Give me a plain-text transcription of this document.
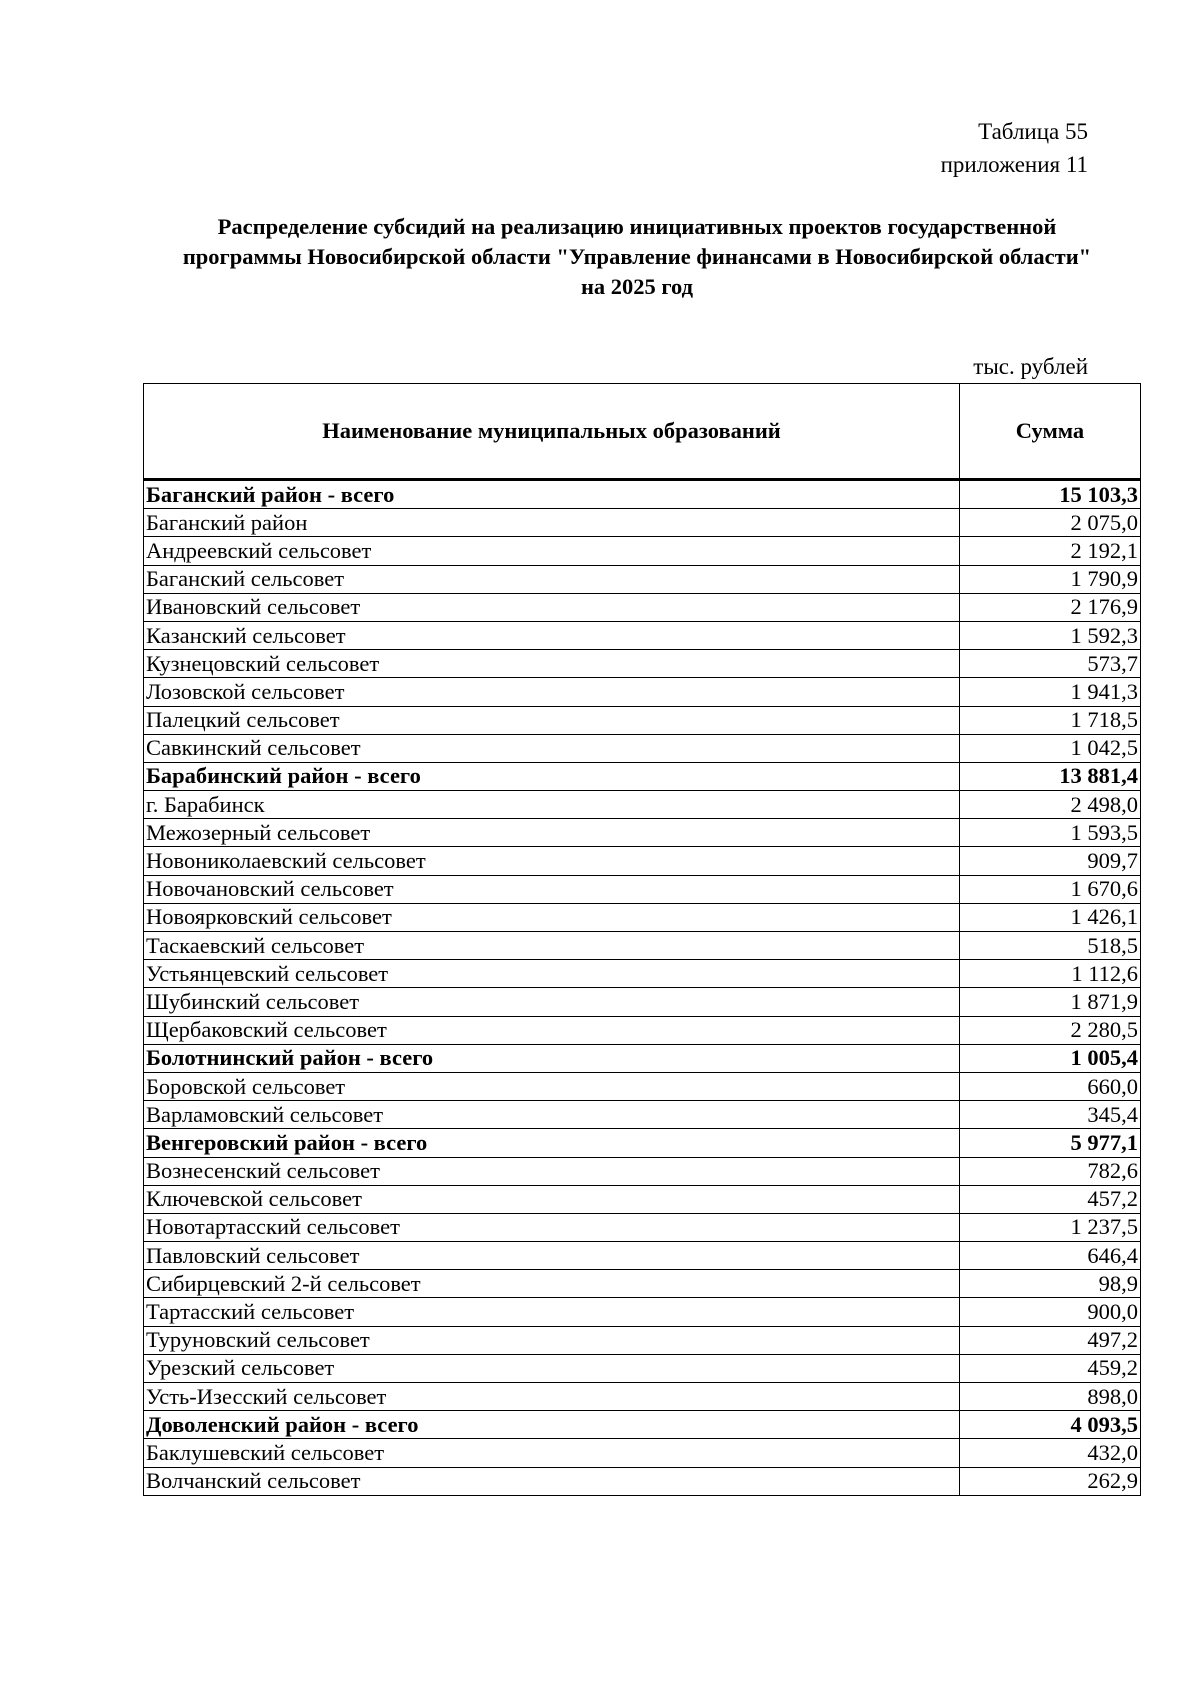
Таблица 55
приложения 11
Распределение субсидий на реализацию инициативных проектов государственной
программы Новосибирской области "Управление финансами в Новосибирской области"
на 2025 год
тыс. рублей
Наименование муниципальных образований	Сумма
Баганский район - всего	15 103,3
Баганский район	2 075,0
Андреевский сельсовет	2 192,1
Баганский сельсовет	1 790,9
Ивановский сельсовет	2 176,9
Казанский сельсовет	1 592,3
Кузнецовский сельсовет	573,7
Лозовской сельсовет	1 941,3
Палецкий сельсовет	1 718,5
Савкинский сельсовет	1 042,5
Барабинский район - всего	13 881,4
г. Барабинск	2 498,0
Межозерный сельсовет	1 593,5
Новониколаевский сельсовет	909,7
Новочановский сельсовет	1 670,6
Новоярковский сельсовет	1 426,1
Таскаевский сельсовет	518,5
Устьянцевский сельсовет	1 112,6
Шубинский сельсовет	1 871,9
Щербаковский сельсовет	2 280,5
Болотнинский район - всего	1 005,4
Боровской сельсовет	660,0
Варламовский сельсовет	345,4
Венгеровский район - всего	5 977,1
Вознесенский сельсовет	782,6
Ключевской сельсовет	457,2
Новотартасский сельсовет	1 237,5
Павловский сельсовет	646,4
Сибирцевский 2-й сельсовет	98,9
Тартасский сельсовет	900,0
Туруновский сельсовет	497,2
Урезский сельсовет	459,2
Усть-Изесский сельсовет	898,0
Доволенский район - всего	4 093,5
Баклушевский сельсовет	432,0
Волчанский сельсовет	262,9
